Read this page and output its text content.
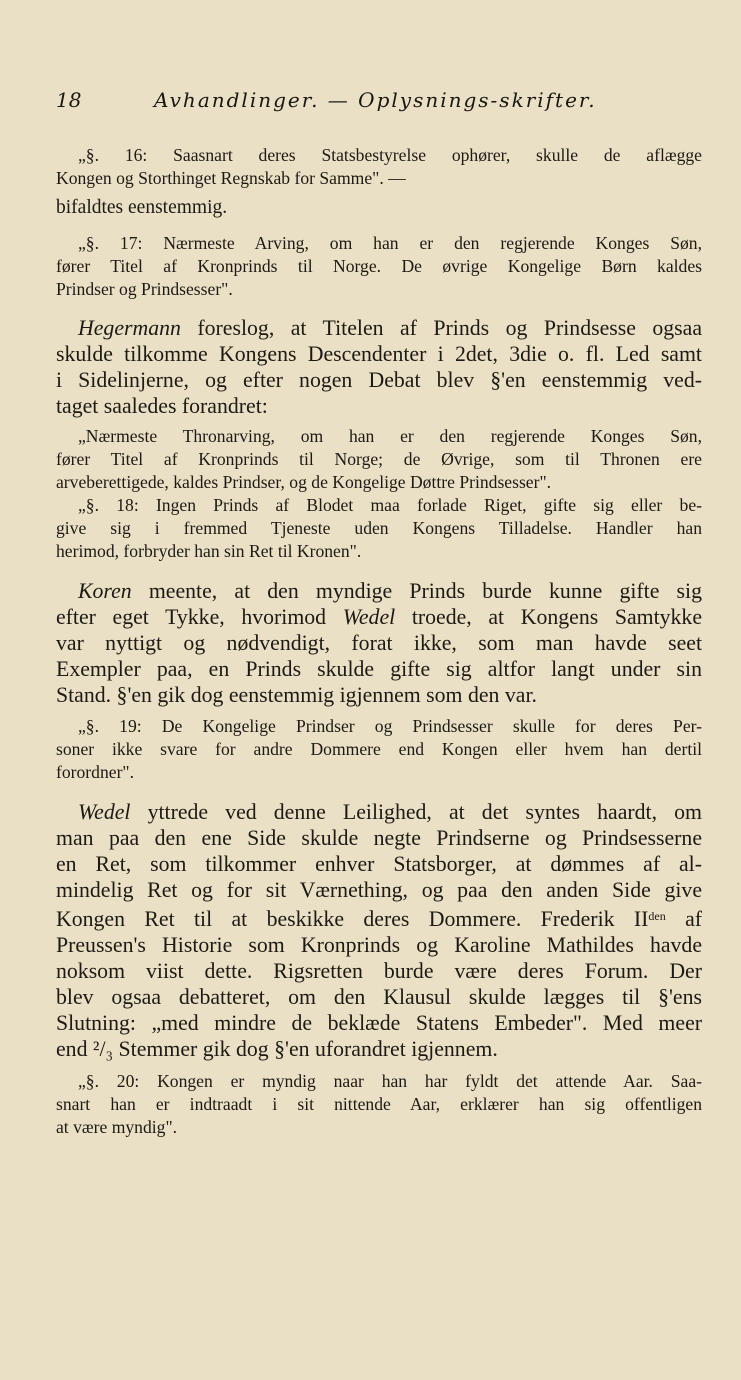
18	Avhandlinger. — Oplysnings-skrifter.
„§. 16: Saasnart deres Statsbestyrelse ophører, skulle de aflægge
Kongen og Storthinget Regnskab for Samme". —
bifaldtes eenstemmig.
„§. 17: Nærmeste Arving, om han er den regjerende Konges Søn,
fører Titel af Kronprinds til Norge. De øvrige Kongelige Børn kaldes
Prindser og Prindsesser".
Hegermann foreslog, at Titelen af Prinds og Prindsesse ogsaa
skulde tilkomme Kongens Descendenter i 2det, 3die o. fl. Led samt
i Sidelinjerne, og efter nogen Debat blev §'en eenstemmig ved-
taget saaledes forandret:
„Nærmeste Thronarving, om han er den regjerende Konges Søn,
fører Titel af Kronprinds til Norge; de Øvrige, som til Thronen ere
arveberettigede, kaldes Prindser, og de Kongelige Døttre Prindsesser".
„§. 18: Ingen Prinds af Blodet maa forlade Riget, gifte sig eller be-
give sig i fremmed Tjeneste uden Kongens Tilladelse. Handler han
herimod, forbryder han sin Ret til Kronen".
Koren meente, at den myndige Prinds burde kunne gifte sig
efter eget Tykke, hvorimod Wedel troede, at Kongens Samtykke
var nyttigt og nødvendigt, forat ikke, som man havde seet
Exempler paa, en Prinds skulde gifte sig altfor langt under sin
Stand. §'en gik dog eenstemmig igjennem som den var.
„§. 19: De Kongelige Prindser og Prindsesser skulle for deres Per-
soner ikke svare for andre Dommere end Kongen eller hvem han dertil
forordner".
Wedel yttrede ved denne Leilighed, at det syntes haardt, om
man paa den ene Side skulde negte Prindserne og Prindsesserne
en Ret, som tilkommer enhver Statsborger, at dømmes af al-
mindelig Ret og for sit Værnething, og paa den anden Side give
Kongen Ret til at beskikke deres Dommere. Frederik $II^{den}$ af
Preussen's Historie som Kronprinds og Karoline Mathildes havde
noksom viist dette. Rigsretten burde være deres Forum. Der
blev ogsaa debatteret, om den Klausul skulde lægges til §'ens
Slutning: „med mindre de beklæde Statens Embeder". Med meer
end ²/₃ Stemmer gik dog §'en uforandret igjennem.
„§. 20: Kongen er myndig naar han har fyldt det attende Aar. Saa-
snart han er indtraadt i sit nittende Aar, erklærer han sig offentligen
at være myndig".
